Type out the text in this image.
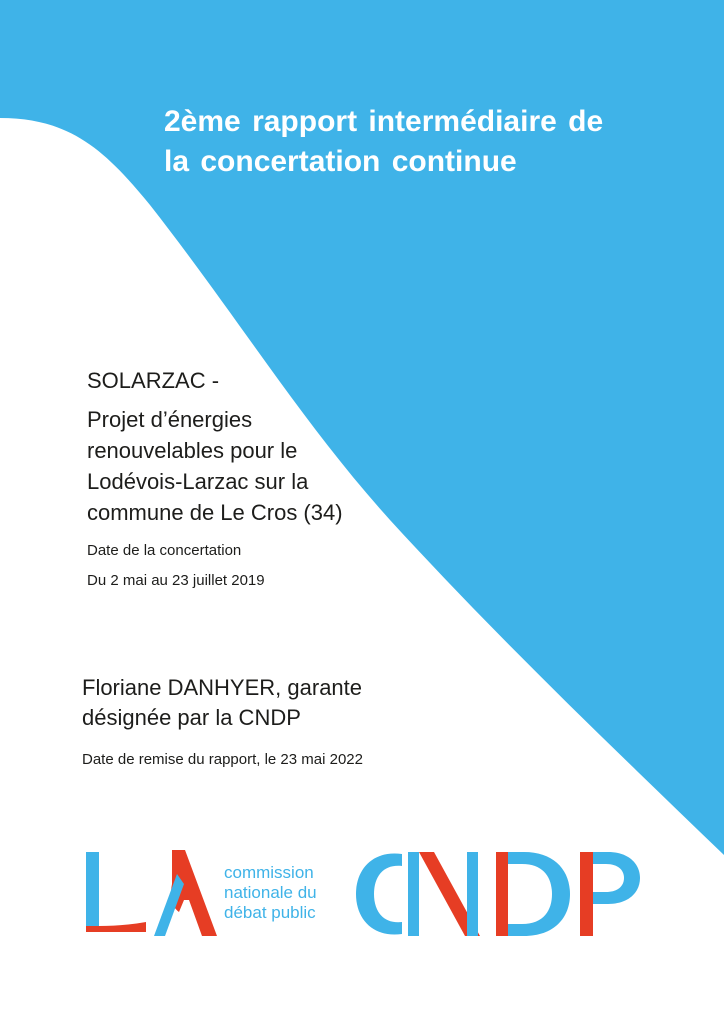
2ème rapport intermédiaire de
la concertation continue

SOLARZAC -

Projet d’énergies
renouvelables pour le
Lodévois-Larzac sur la
commune de Le Cros (34)

Date de la concertation

Du 2 mai au 23 juillet 2019

Floriane DANHYER, garante
désignée par la CNDP

Date de remise du rapport, le 23 mai 2022

commission
nationale du
débat public
